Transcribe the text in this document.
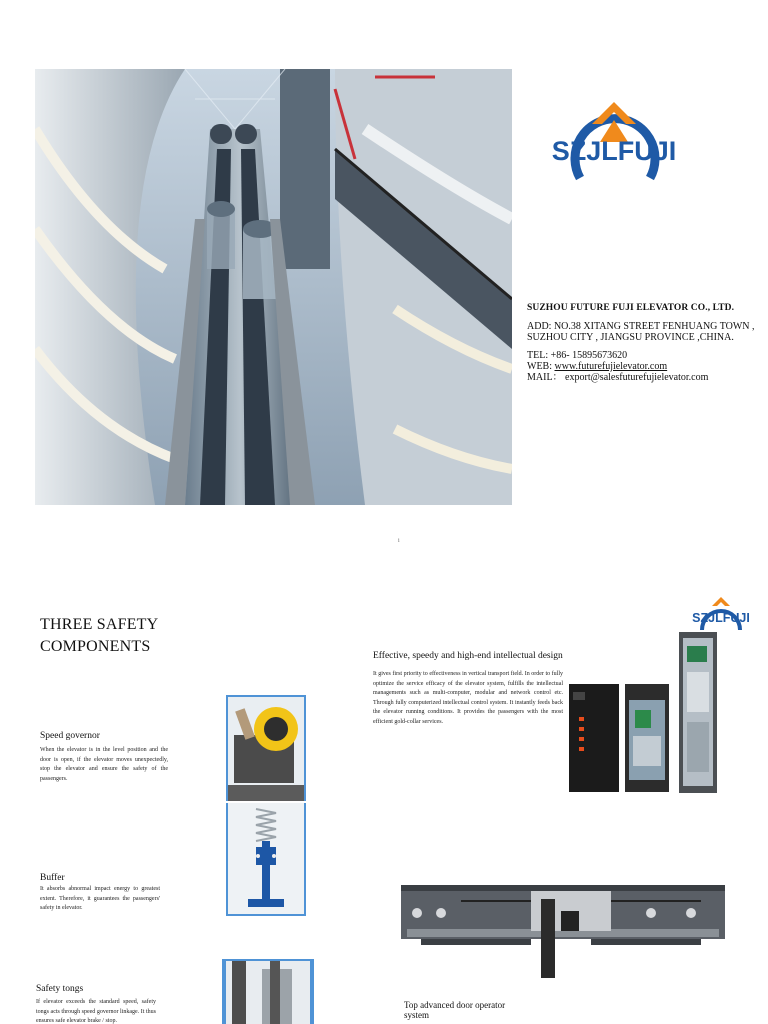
SZJLFUJI
SUZHOU FUTURE FUJI ELEVATOR CO., LTD.
ADD: NO.38 XITANG STREET FENHUANG TOWN , SUZHOU CITY , JIANGSU PROVINCE ,CHINA.
TEL: +86- 15895673620
WEB: www.futurefujielevator.com
MAIL： export@salesfuturefujielevator.com
i
THREE SAFETY
COMPONENTS
SZJLFUJI
Effective, speedy and high-end intellectual design
It gives first priority to effectiveness in vertical transport field. In order to fully optimize the service efficacy of the elevator system, fulfills the intellectual managements such as multi-computer, modular and network control etc. Through fully computerized intellectual control system. It instantly feeds back the elevator running conditions. It provides the passengers with the most efficient gold-collar services.
Speed governor
When the elevator is in the level position and the door is open, if the elevator moves unexpectedly, stop the elevator and ensure the safety of the passengers.
Buffer
It absorbs abnormal impact energy to greatest extent. Therefore, it guarantees the passengers' safety in elevator.
Safety tongs
If elevator exceeds the standard speed, safety tongs acts through speed governor linkage. It thus ensures safe elevator brake / stop.
Top advanced door operator system
